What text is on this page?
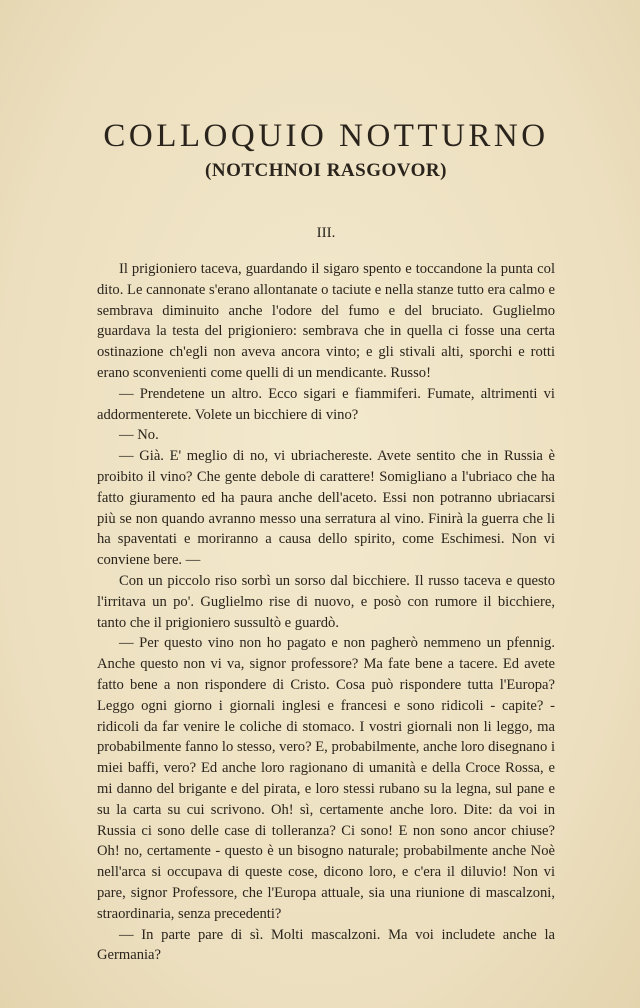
COLLOQUIO NOTTURNO
(NOTCHNOI RASGOVOR)
III.

Il prigioniero taceva, guardando il sigaro spento e toccandone la punta col dito. Le cannonate s'erano allontanate o taciute e nella stanze tutto era calmo e sembrava diminuito anche l'odore del fumo e del bruciato. Guglielmo guardava la testa del prigioniero: sembrava che in quella ci fosse una certa ostinazione ch'egli non aveva ancora vinto; e gli stivali alti, sporchi e rotti erano sconvenienti come quelli di un mendicante. Russo!

— Prendetene un altro. Ecco sigari e fiammiferi. Fumate, altrimenti vi addormenterete. Volete un bicchiere di vino?

— No.

— Già. E' meglio di no, vi ubriachereste. Avete sentito che in Russia è proibito il vino? Che gente debole di carattere! Somigliano a l'ubriaco che ha fatto giuramento ed ha paura anche dell'aceto. Essi non potranno ubriacarsi più se non quando avranno messo una serratura al vino. Finirà la guerra che li ha spaventati e moriranno a causa dello spirito, come Eschimesi. Non vi conviene bere. —

Con un piccolo riso sorbì un sorso dal bicchiere. Il russo taceva e questo l'irritava un po'. Guglielmo rise di nuovo, e posò con rumore il bicchiere, tanto che il prigioniero sussultò e guardò.

— Per questo vino non ho pagato e non pagherò nemmeno un pfennig. Anche questo non vi va, signor professore? Ma fate bene a tacere. Ed avete fatto bene a non rispondere di Cristo. Cosa può rispondere tutta l'Europa? Leggo ogni giorno i giornali inglesi e francesi e sono ridicoli - capite? - ridicoli da far venire le coliche di stomaco. I vostri giornali non li leggo, ma probabilmente fanno lo stesso, vero? E, probabilmente, anche loro disegnano i miei baffi, vero? Ed anche loro ragionano di umanità e della Croce Rossa, e mi danno del brigante e del pirata, e loro stessi rubano su la legna, sul pane e su la carta su cui scrivono. Oh! sì, certamente anche loro. Dite: da voi in Russia ci sono delle case di tolleranza? Ci sono! E non sono ancor chiuse? Oh! no, certamente - questo è un bisogno naturale; probabilmente anche Noè nell'arca si occupava di queste cose, dicono loro, e c'era il diluvio! Non vi pare, signor Professore, che l'Europa attuale, sia una riunione di mascalzoni, straordinaria, senza precedenti?

— In parte pare di sì. Molti mascalzoni. Ma voi includete anche la Germania?
